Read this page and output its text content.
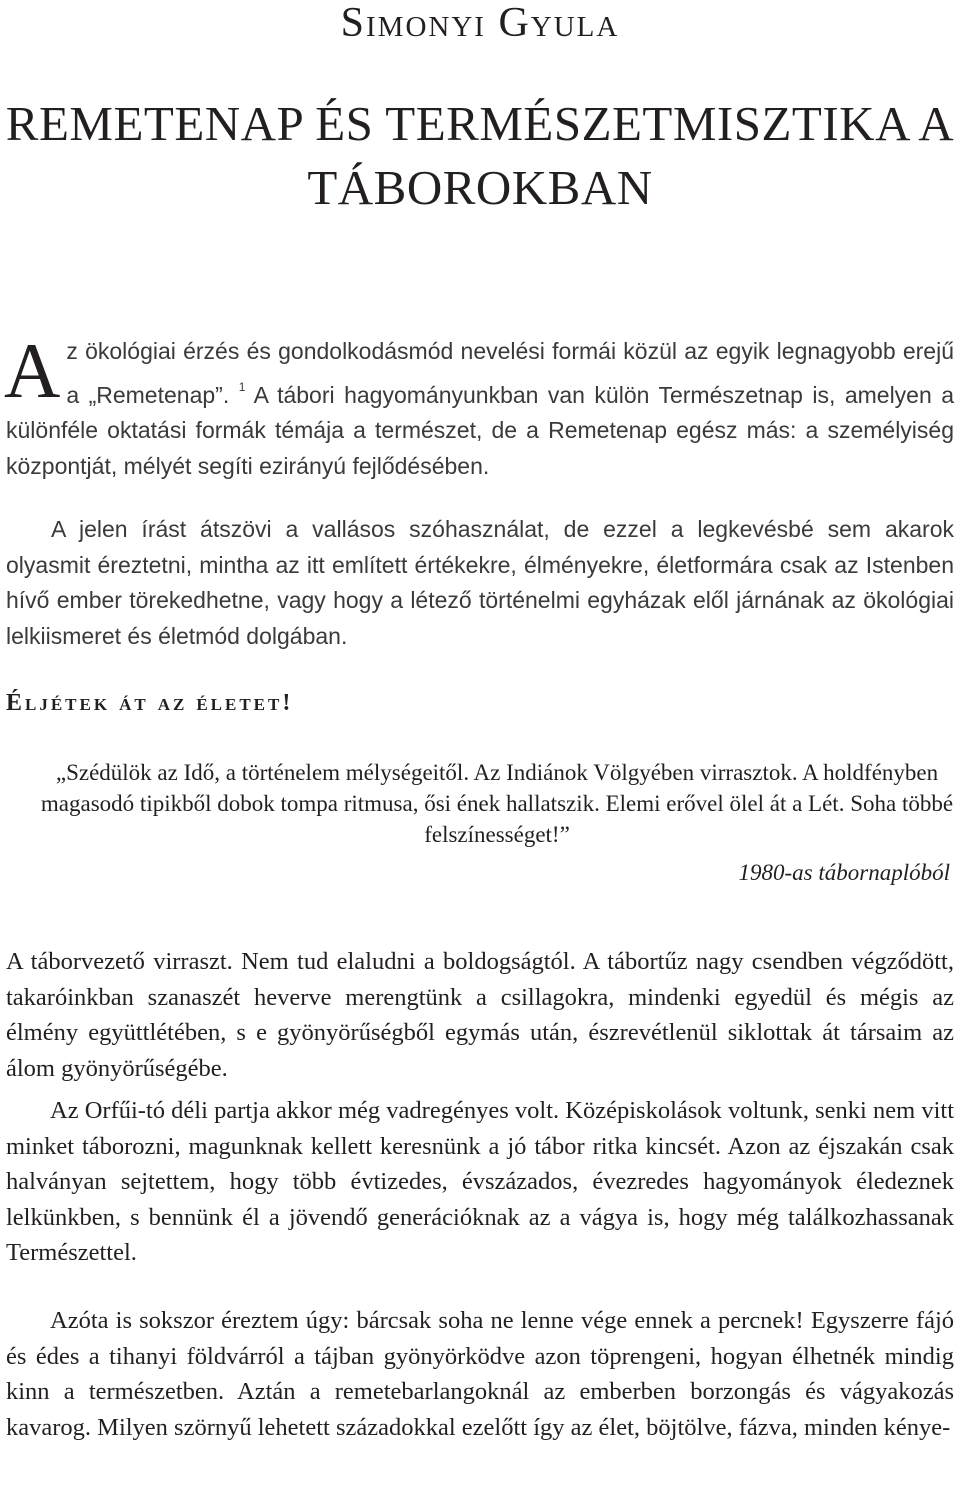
Simonyi Gyula
REMETENAP ÉS TERMÉSZETMISZTIKA A
TÁBOROKBAN

A z ökológiai érzés és gondolkodásmód nevelési formái közül az egyik legnagyobb erejű a „Remetenap”. $^1$ A tábori hagyományunkban van külön Természetnap is, amelyen a különféle oktatási formák témája a természet, de a Remetenap egész más: a személyiség központját, mélyét segíti ezirányú fejlődésében.

A jelen írást átszövi a vallásos szóhasználat, de ezzel a legkevésbé sem akarok olyasmit éreztetni, mintha az itt említett értékekre, élményekre, életformára csak az Istenben hívő ember törekedhetne, vagy hogy a létező történelmi egyházak elől járnának az ökológiai lelkiismeret és életmód dolgában.

Éljétek át az életet!

„Szédülök az Idő, a történelem mélységeitől. Az Indiánok Völgyében virrasztok. A holdfényben magasodó tipikből dobok tompa ritmusa, ősi ének hallatszik. Elemi erővel ölel át a Lét. Soha többé felszínességet!”

1980-as tábornaplóból

A táborvezető virraszt. Nem tud elaludni a boldogságtól. A tábortűz nagy csendben végződött, takaróinkban szanaszét heverve merengtünk a csillagokra, mindenki egyedül és mégis az élmény együttlétében, s e gyönyörűségből egymás után, észrevétlenül siklottak át társaim az álom gyönyörűségébe.

Az Orfűi-tó déli partja akkor még vadregényes volt. Középiskolások voltunk, senki nem vitt minket táborozni, magunknak kellett keresnünk a jó tábor ritka kincsét. Azon az éjszakán csak halványan sejtettem, hogy több évtizedes, évszázados, évezredes hagyományok éledeznek lelkünkben, s bennünk él a jövendő generációknak az a vágya is, hogy még találkozhassanak Természettel.

Azóta is sokszor éreztem úgy: bárcsak soha ne lenne vége ennek a percnek! Egyszerre fájó és édes a tihanyi földvárról a tájban gyönyörködve azon töprengeni, hogyan élhetnék mindig kinn a természetben. Aztán a remetebarlangoknál az emberben borzongás és vágyakozás kavarog. Milyen szörnyű lehetett századokkal ezelőtt így az élet, böjtölve, fázva, minden kénye-
